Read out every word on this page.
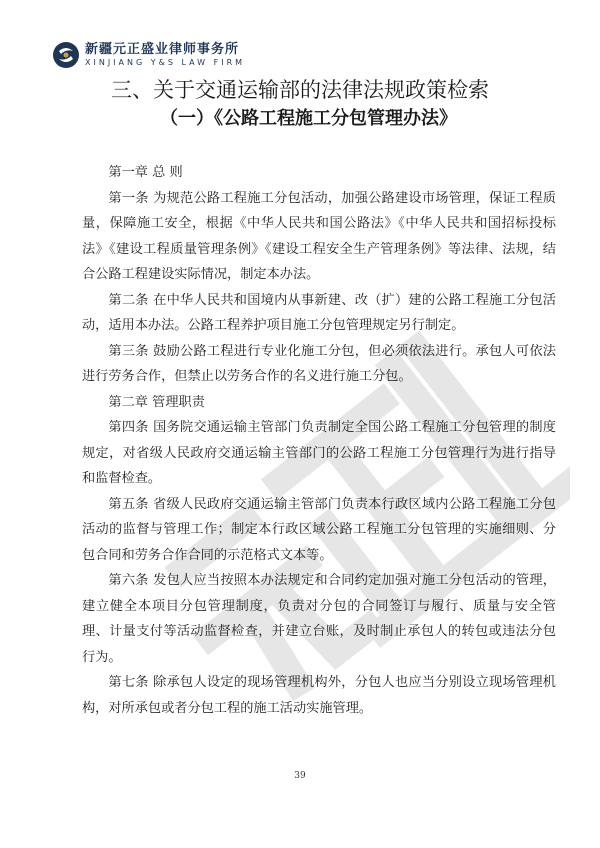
新疆元正盛业律师事务所
XINJIANG Y&S LAW FIRM
三、关于交通运输部的法律法规政策检索
（一）《公路工程施工分包管理办法》

第一章 总 则

第一条 为规范公路工程施工分包活动，加强公路建设市场管理，保证工程质量，保障施工安全，根据《中华人民共和国公路法》《中华人民共和国招标投标法》《建设工程质量管理条例》《建设工程安全生产管理条例》等法律、法规，结合公路工程建设实际情况，制定本办法。

第二条 在中华人民共和国境内从事新建、改（扩）建的公路工程施工分包活动，适用本办法。公路工程养护项目施工分包管理规定另行制定。

第三条 鼓励公路工程进行专业化施工分包，但必须依法进行。承包人可依法进行劳务合作，但禁止以劳务合作的名义进行施工分包。

第二章 管理职责

第四条 国务院交通运输主管部门负责制定全国公路工程施工分包管理的制度规定，对省级人民政府交通运输主管部门的公路工程施工分包管理行为进行指导和监督检查。

第五条 省级人民政府交通运输主管部门负责本行政区域内公路工程施工分包活动的监督与管理工作；制定本行政区域公路工程施工分包管理的实施细则、分包合同和劳务合作合同的示范格式文本等。

第六条 发包人应当按照本办法规定和合同约定加强对施工分包活动的管理，建立健全本项目分包管理制度，负责对分包的合同签订与履行、质量与安全管理、计量支付等活动监督检查，并建立台账，及时制止承包人的转包或违法分包行为。

第七条 除承包人设定的现场管理机构外，分包人也应当分别设立现场管理机构，对所承包或者分包工程的施工活动实施管理。

39
